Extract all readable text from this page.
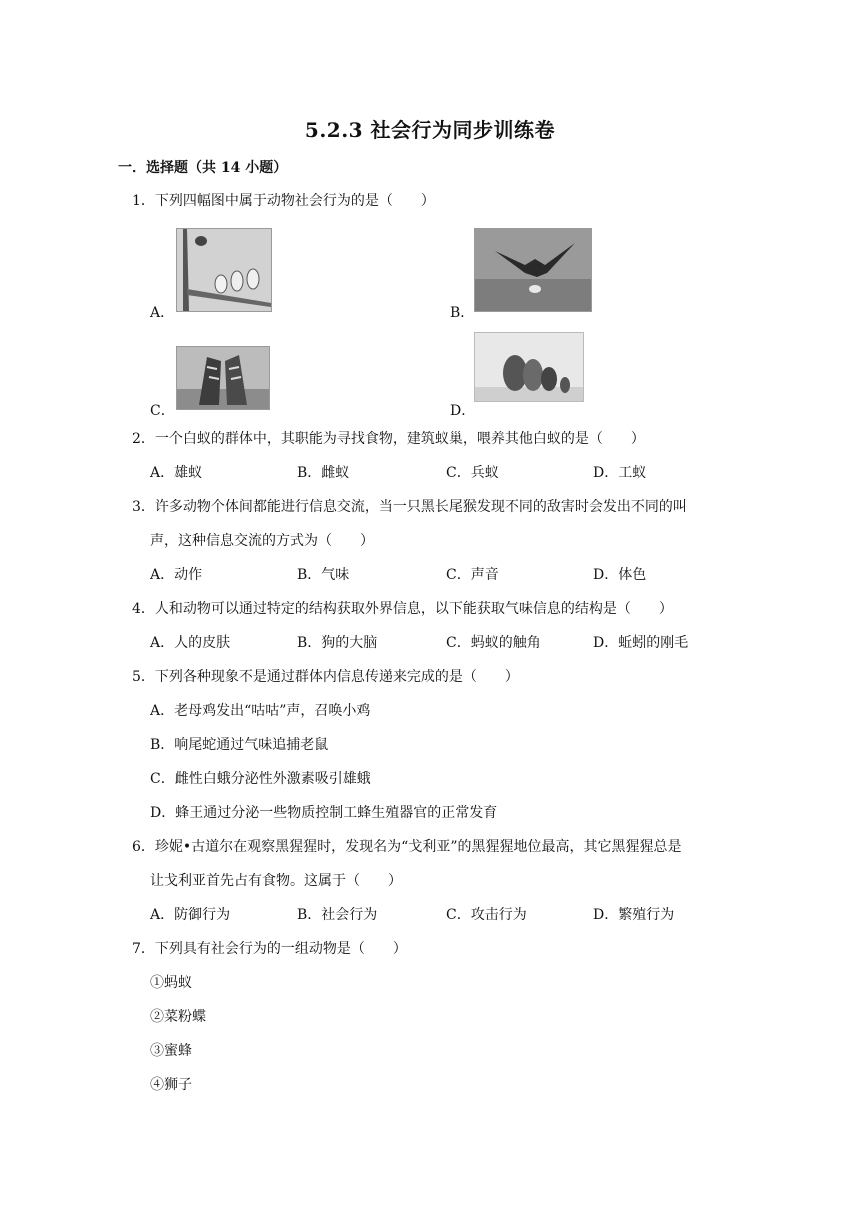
5.2.3 社会行为同步训练卷
一．选择题（共 14 小题）
1．下列四幅图中属于动物社会行为的是（　　）
A．	B．
C．	D．
2．一个白蚁的群体中，其职能为寻找食物，建筑蚁巢，喂养其他白蚁的是（　　）
A．雄蚁	B．雌蚁	C．兵蚁	D．工蚁
3．许多动物个体间都能进行信息交流，当一只黑长尾猴发现不同的敌害时会发出不同的叫
声，这种信息交流的方式为（　　）
A．动作	B．气味	C．声音	D．体色
4．人和动物可以通过特定的结构获取外界信息，以下能获取气味信息的结构是（　　）
A．人的皮肤	B．狗的大脑	C．蚂蚁的触角	D．蚯蚓的刚毛
5．下列各种现象不是通过群体内信息传递来完成的是（　　）
A．老母鸡发出“咕咕”声，召唤小鸡
B．响尾蛇通过气味追捕老鼠
C．雌性白蛾分泌性外激素吸引雄蛾
D．蜂王通过分泌一些物质控制工蜂生殖器官的正常发育
6．珍妮•古道尔在观察黑猩猩时，发现名为“戈利亚”的黑猩猩地位最高，其它黑猩猩总是
让戈利亚首先占有食物。这属于（　　）
A．防御行为	B．社会行为	C．攻击行为	D．繁殖行为
7．下列具有社会行为的一组动物是（　　）
①蚂蚁
②菜粉蝶
③蜜蜂
④狮子
